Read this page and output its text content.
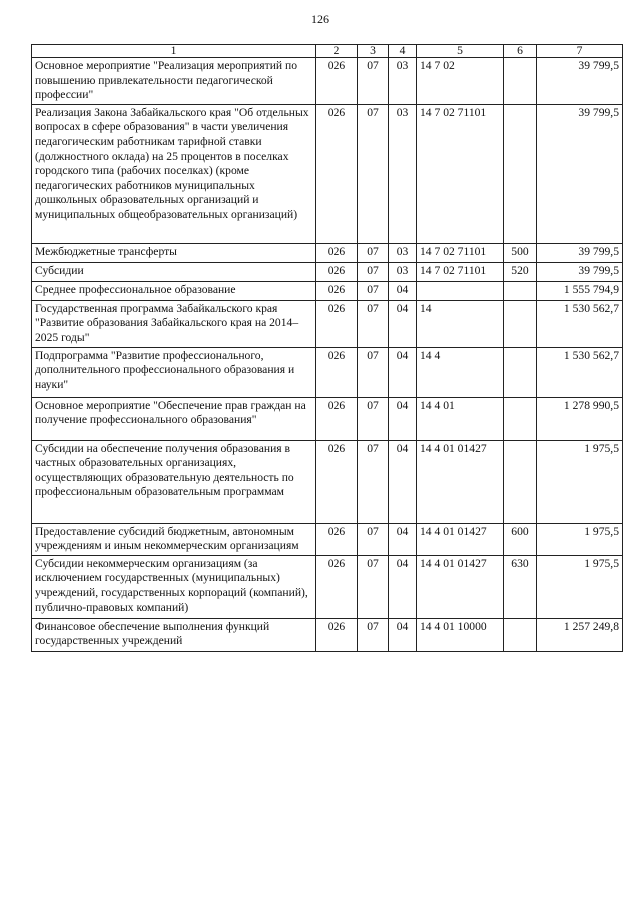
126
1	2	3	4	5	6	7
Основное мероприятие "Реализация мероприятий по повышению привлекательности педагогической профессии"	026	07	03	14 7 02		39 799,5
Реализация Закона Забайкальского края "Об отдельных вопросах в сфере образования" в части увеличения педагогическим работникам тарифной ставки (должностного оклада) на 25 процентов в поселках городского типа (рабочих поселках) (кроме педагогических работников муниципальных дошкольных образовательных организаций и муниципальных общеобразовательных организаций)	026	07	03	14 7 02 71101		39 799,5
Межбюджетные трансферты	026	07	03	14 7 02 71101	500	39 799,5
Субсидии	026	07	03	14 7 02 71101	520	39 799,5
Среднее профессиональное образование	026	07	04			1 555 794,9
Государственная программа Забайкальского края "Развитие образования Забайкальского края на 2014–2025 годы"	026	07	04	14		1 530 562,7
Подпрограмма "Развитие профессионального, дополнительного профессионального образования и науки"	026	07	04	14 4		1 530 562,7
Основное мероприятие "Обеспечение прав граждан на получение профессионального образования"	026	07	04	14 4 01		1 278 990,5
Субсидии на обеспечение получения образования в частных образовательных организациях, осуществляющих образовательную деятельность по профессиональным образовательным программам	026	07	04	14 4 01 01427		1 975,5
Предоставление субсидий бюджетным, автономным учреждениям и иным некоммерческим организациям	026	07	04	14 4 01 01427	600	1 975,5
Субсидии некоммерческим организациям (за исключением государственных (муниципальных) учреждений, государственных корпораций (компаний), публично-правовых компаний)	026	07	04	14 4 01 01427	630	1 975,5
Финансовое обеспечение выполнения функций государственных учреждений	026	07	04	14 4 01 10000		1 257 249,8
